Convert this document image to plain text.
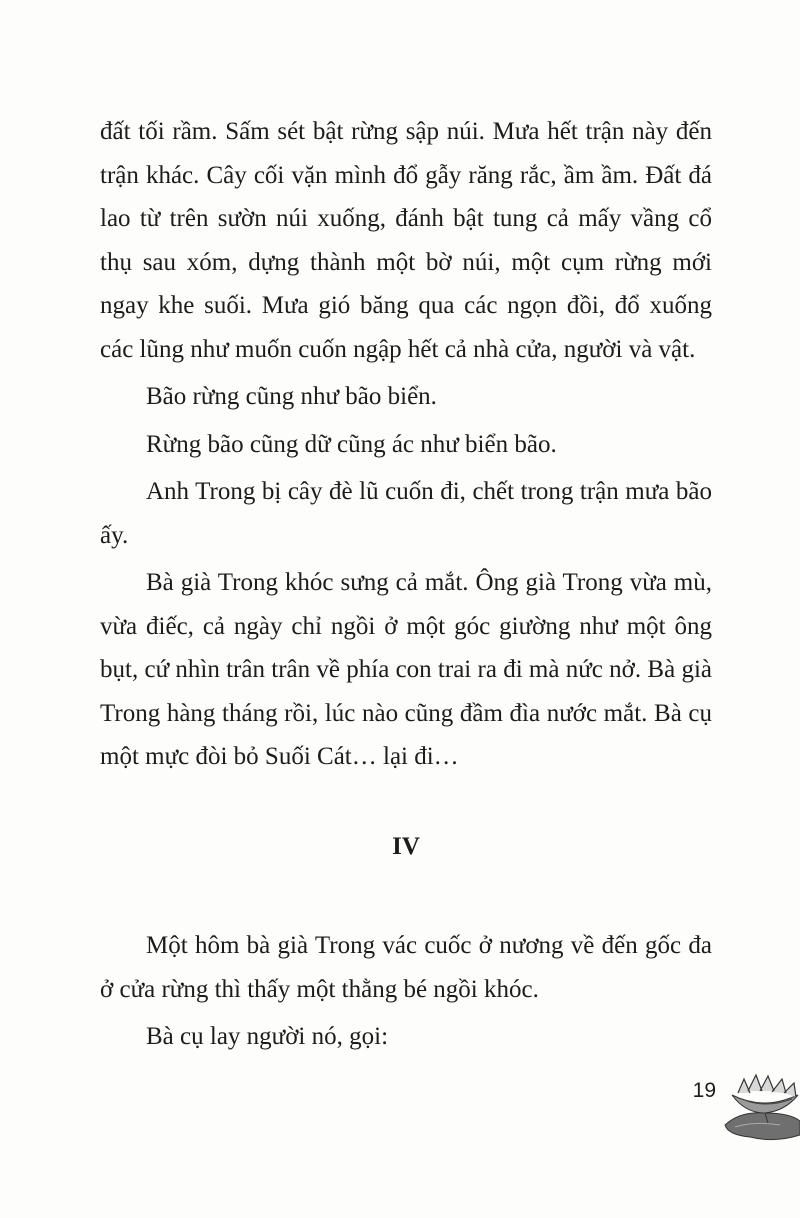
đất tối rầm. Sấm sét bật rừng sập núi. Mưa hết trận này đến trận khác. Cây cối vặn mình đổ gẫy răng rắc, ầm ầm. Đất đá lao từ trên sườn núi xuống, đánh bật tung cả mấy vầng cổ thụ sau xóm, dựng thành một bờ núi, một cụm rừng mới ngay khe suối. Mưa gió băng qua các ngọn đồi, đổ xuống các lũng như muốn cuốn ngập hết cả nhà cửa, người và vật.

Bão rừng cũng như bão biển.

Rừng bão cũng dữ cũng ác như biển bão.

Anh Trong bị cây đè lũ cuốn đi, chết trong trận mưa bão ấy.

Bà già Trong khóc sưng cả mắt. Ông già Trong vừa mù, vừa điếc, cả ngày chỉ ngồi ở một góc giường như một ông bụt, cứ nhìn trân trân về phía con trai ra đi mà nức nở. Bà già Trong hàng tháng rồi, lúc nào cũng đầm đìa nước mắt. Bà cụ một mực đòi bỏ Suối Cát… lại đi…

IV

Một hôm bà già Trong vác cuốc ở nương về đến gốc đa ở cửa rừng thì thấy một thằng bé ngồi khóc.

Bà cụ lay người nó, gọi:

19
